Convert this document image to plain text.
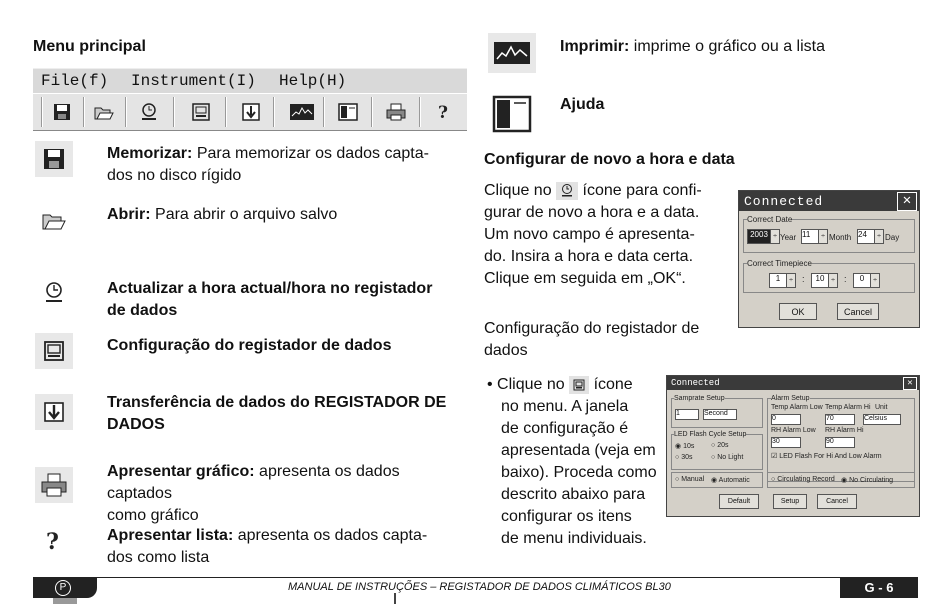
Menu principal
File(f) Instrument(I) Help(H)
?
Memorizar: Para memorizar os dados capta-
dos no disco rígido
Abrir: Para abrir o arquivo salvo
Actualizar a hora actual/hora no registador
de dados
Configuração do registador de dados
Transferência de dados do REGISTADOR DE
DADOS
Apresentar gráfico: apresenta os dados captados
como gráfico
?	Apresentar lista: apresenta os dados capta-
dos como lista
Imprimir: imprime o gráfico ou a lista
Ajuda
Configurar de novo a hora e data
Clique no ícone para confi-
gurar de novo a hora e a data.
Um novo campo é apresenta-
do. Insira a hora e data certa.
Clique em seguida em „OK“.
Configuração do registador de
dados
• Clique no ícone
no menu. A janela
de configuração é
apresentada (veja em
baixo). Proceda como
descrito abaixo para
configurar os itens
de menu individuais.
Connected	✕
Correct Date
2003 ÷ Year 11	÷ Month 24	÷ Day
Correct Timepiece
1	÷	:	10 ÷	:	0	÷
OK	Cancel
Connected	✕
Samprate Setup
1	Second
Alarm Setup
Temp Alarm Low Temp Alarm Hi Unit
0	70	Celsius
RH Alarm Low RH Alarm Hi
30	90
☑ LED Flash For Hi And Low Alarm
LED Flash Cycle Setup
◉ 10s ○ 20s
○ 30s	○ No Light
○ Manual ◉ Automatic	○ Circulating Record ◉ No Circulating
Default	Setup	Cancel
P	MANUAL DE INSTRUÇÕES – REGISTADOR DE DADOS CLIMÁTICOS BL30	G - 6
